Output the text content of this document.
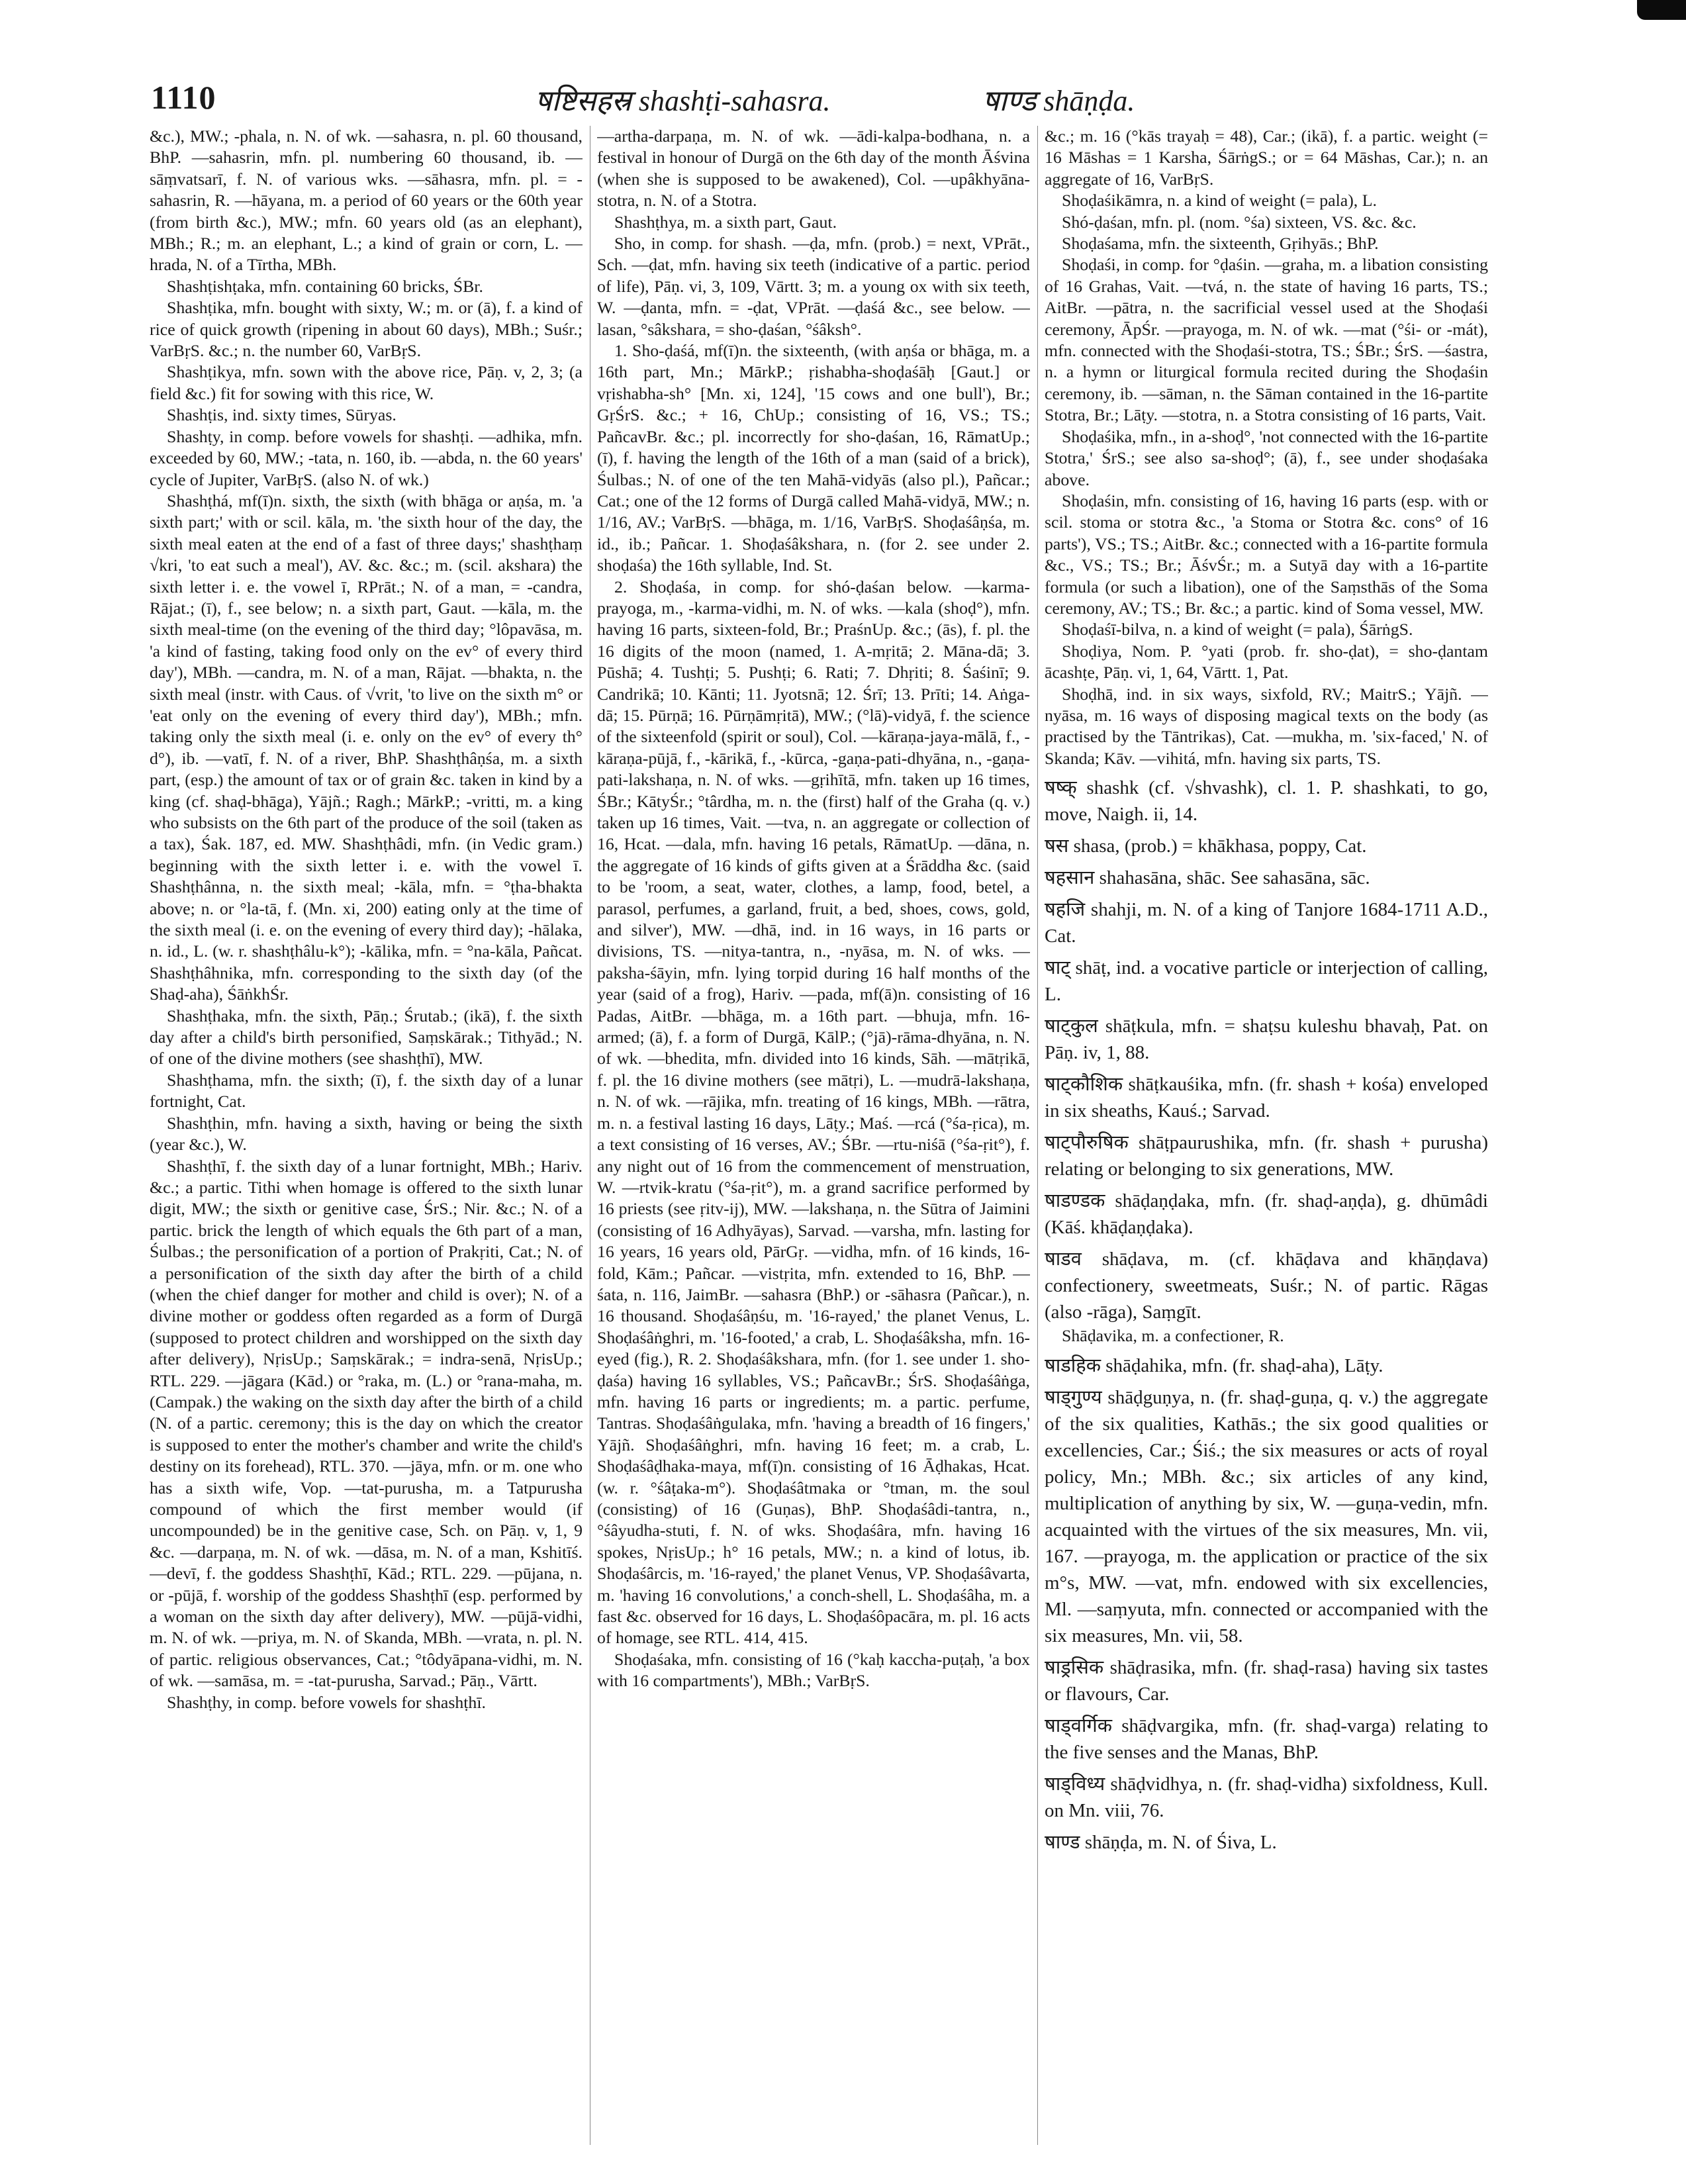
1110	षष्टिसहस्र shashṭi-sahasra.	षाण्ड shāṇḍa.

&c.), MW.; -phala, n. N. of wk. —sahasra, n. pl. 60 thousand, BhP. —sahasrin, mfn. pl. numbering 60 thousand, ib. —sāṃvatsarī, f. N. of various wks. —sāhasra, mfn. pl. = -sahasrin, R. —hāyana, m. a period of 60 years or the 60th year (from birth &c.), MW.; mfn. 60 years old (as an elephant), MBh.; R.; m. an elephant, L.; a kind of grain or corn, L. —hrada, N. of a Tīrtha, MBh.

Shashṭishṭaka, mfn. containing 60 bricks, ŚBr.

Shashṭika, mfn. bought with sixty, W.; m. or (ā), f. a kind of rice of quick growth (ripening in about 60 days), MBh.; Suśr.; VarBṛS. &c.; n. the number 60, VarBṛS.

Shashṭikya, mfn. sown with the above rice, Pāṇ. v, 2, 3; (a field &c.) fit for sowing with this rice, W.

Shashṭis, ind. sixty times, Sūryas.

Shashṭy, in comp. before vowels for shashṭi. —adhika, mfn. exceeded by 60, MW.; -tata, n. 160, ib. —abda, n. the 60 years' cycle of Jupiter, VarBṛS. (also N. of wk.)

Shashṭhá, mf(ī)n. sixth, the sixth (with bhāga or aṇśa, m. 'a sixth part;' with or scil. kāla, m. 'the sixth hour of the day, the sixth meal eaten at the end of a fast of three days;' shashṭhaṃ √kri, 'to eat such a meal'), AV. &c. &c.; m. (scil. akshara) the sixth letter i. e. the vowel ī, RPrāt.; N. of a man, = -candra, Rājat.; (ī), f., see below; n. a sixth part, Gaut. —kāla, m. the sixth meal-time (on the evening of the third day; °lôpavāsa, m. 'a kind of fasting, taking food only on the ev° of every third day'), MBh. —candra, m. N. of a man, Rājat. —bhakta, n. the sixth meal (instr. with Caus. of √vrit, 'to live on the sixth m° or 'eat only on the evening of every third day'), MBh.; mfn. taking only the sixth meal (i. e. only on the ev° of every th° d°), ib. —vatī, f. N. of a river, BhP. Shashṭhâṇśa, m. a sixth part, (esp.) the amount of tax or of grain &c. taken in kind by a king (cf. shaḍ-bhāga), Yājñ.; Ragh.; MārkP.; -vritti, m. a king who subsists on the 6th part of the produce of the soil (taken as a tax), Śak. 187, ed. MW. Shashṭhâdi, mfn. (in Vedic gram.) beginning with the sixth letter i. e. with the vowel ī. Shashṭhânna, n. the sixth meal; -kāla, mfn. = °ṭha-bhakta above; n. or °la-tā, f. (Mn. xi, 200) eating only at the time of the sixth meal (i. e. on the evening of every third day); -hālaka, n. id., L. (w. r. shashṭhâlu-k°); -kālika, mfn. = °na-kāla, Pañcat. Shashṭhâhnika, mfn. corresponding to the sixth day (of the Shaḍ-aha), ŚāṅkhŚr.

Shashṭhaka, mfn. the sixth, Pāṇ.; Śrutab.; (ikā), f. the sixth day after a child's birth personified, Saṃskārak.; Tithyād.; N. of one of the divine mothers (see shashṭhī), MW.

Shashṭhama, mfn. the sixth; (ī), f. the sixth day of a lunar fortnight, Cat.

Shashṭhin, mfn. having a sixth, having or being the sixth (year &c.), W.

Shashṭhī, f. the sixth day of a lunar fortnight, MBh.; Hariv. &c.; a partic. Tithi when homage is offered to the sixth lunar digit, MW.; the sixth or genitive case, ŚrS.; Nir. &c.; N. of a partic. brick the length of which equals the 6th part of a man, Śulbas.; the personification of a portion of Prakṛiti, Cat.; N. of a personification of the sixth day after the birth of a child (when the chief danger for mother and child is over); N. of a divine mother or goddess often regarded as a form of Durgā (supposed to protect children and worshipped on the sixth day after delivery), NṛisUp.; Saṃskārak.; = indra-senā, NṛisUp.; RTL. 229. —jāgara (Kād.) or °raka, m. (L.) or °rana-maha, m. (Campak.) the waking on the sixth day after the birth of a child (N. of a partic. ceremony; this is the day on which the creator is supposed to enter the mother's chamber and write the child's destiny on its forehead), RTL. 370. —jāya, mfn. or m. one who has a sixth wife, Vop. —tat-purusha, m. a Tatpurusha compound of which the first member would (if uncompounded) be in the genitive case, Sch. on Pāṇ. v, 1, 9 &c. —darpaṇa, m. N. of wk. —dāsa, m. N. of a man, Kshitīś. —devī, f. the goddess Shashṭhī, Kād.; RTL. 229. —pūjana, n. or -pūjā, f. worship of the goddess Shashṭhī (esp. performed by a woman on the sixth day after delivery), MW. —pūjā-vidhi, m. N. of wk. —priya, m. N. of Skanda, MBh. —vrata, n. pl. N. of partic. religious observances, Cat.; °tôdyāpana-vidhi, m. N. of wk. —samāsa, m. = -tat-purusha, Sarvad.; Pāṇ., Vārtt.

Shashṭhy, in comp. before vowels for shashṭhī.

—artha-darpaṇa, m. N. of wk. —ādi-kalpa-bodhana, n. a festival in honour of Durgā on the 6th day of the month Āśvina (when she is supposed to be awakened), Col. —upâkhyāna-stotra, n. N. of a Stotra.

Shashṭhya, m. a sixth part, Gaut.

Sho, in comp. for shash. —ḍa, mfn. (prob.) = next, VPrāt., Sch. —ḍat, mfn. having six teeth (indicative of a partic. period of life), Pāṇ. vi, 3, 109, Vārtt. 3; m. a young ox with six teeth, W. —ḍanta, mfn. = -ḍat, VPrāt. —ḍaśá &c., see below. —lasan, °sâkshara, = sho-ḍaśan, °śâksh°.

1. Sho-ḍaśá, mf(ī)n. the sixteenth, (with aṇśa or bhāga, m. a 16th part, Mn.; MārkP.; ṛishabha-shoḍaśāḥ [Gaut.] or vṛishabha-sh° [Mn. xi, 124], '15 cows and one bull'), Br.; GṛŚrS. &c.; + 16, ChUp.; consisting of 16, VS.; TS.; PañcavBr. &c.; pl. incorrectly for sho-ḍaśan, 16, RāmatUp.; (ī), f. having the length of the 16th of a man (said of a brick), Śulbas.; N. of one of the ten Mahā-vidyās (also pl.), Pañcar.; Cat.; one of the 12 forms of Durgā called Mahā-vidyā, MW.; n. 1/16, AV.; VarBṛS. —bhāga, m. 1/16, VarBṛS. Shoḍaśâṇśa, m. id., ib.; Pañcar. 1. Shoḍaśâkshara, n. (for 2. see under 2. shoḍaśa) the 16th syllable, Ind. St.

2. Shoḍaśa, in comp. for shó-ḍaśan below. —karma-prayoga, m., -karma-vidhi, m. N. of wks. —kala (shoḍ°), mfn. having 16 parts, sixteen-fold, Br.; PraśnUp. &c.; (ās), f. pl. the 16 digits of the moon (named, 1. A-mṛitā; 2. Māna-dā; 3. Pūshā; 4. Tushṭi; 5. Pushṭi; 6. Rati; 7. Dhṛiti; 8. Śaśinī; 9. Candrikā; 10. Kānti; 11. Jyotsnā; 12. Śrī; 13. Prīti; 14. Aṅga-dā; 15. Pūrṇā; 16. Pūrṇāmṛitā), MW.; (°lā)-vidyā, f. the science of the sixteenfold (spirit or soul), Col. —kāraṇa-jaya-mālā, f., -kāraṇa-pūjā, f., -kārikā, f., -kūrca, -gaṇa-pati-dhyāna, n., -gaṇa-pati-lakshaṇa, n. N. of wks. —gṛihītā, mfn. taken up 16 times, ŚBr.; KātyŚr.; °târdha, m. n. the (first) half of the Graha (q. v.) taken up 16 times, Vait. —tva, n. an aggregate or collection of 16, Hcat. —dala, mfn. having 16 petals, RāmatUp. —dāna, n. the aggregate of 16 kinds of gifts given at a Śrāddha &c. (said to be 'room, a seat, water, clothes, a lamp, food, betel, a parasol, perfumes, a garland, fruit, a bed, shoes, cows, gold, and silver'), MW. —dhā, ind. in 16 ways, in 16 parts or divisions, TS. —nitya-tantra, n., -nyāsa, m. N. of wks. —paksha-śāyin, mfn. lying torpid during 16 half months of the year (said of a frog), Hariv. —pada, mf(ā)n. consisting of 16 Padas, AitBr. —bhāga, m. a 16th part. —bhuja, mfn. 16-armed; (ā), f. a form of Durgā, KālP.; (°jā)-rāma-dhyāna, n. N. of wk. —bhedita, mfn. divided into 16 kinds, Sāh. —mātṛikā, f. pl. the 16 divine mothers (see mātṛi), L. —mudrā-lakshaṇa, n. N. of wk. —rājika, mfn. treating of 16 kings, MBh. —rātra, m. n. a festival lasting 16 days, Lāṭy.; Maś. —rcá (°śa-ṛica), m. a text consisting of 16 verses, AV.; ŚBr. —rtu-niśā (°śa-ṛit°), f. any night out of 16 from the commencement of menstruation, W. —rtvik-kratu (°śa-ṛit°), m. a grand sacrifice performed by 16 priests (see ṛitv-ij), MW. —lakshaṇa, n. the Sūtra of Jaimini (consisting of 16 Adhyāyas), Sarvad. —varsha, mfn. lasting for 16 years, 16 years old, PārGṛ. —vidha, mfn. of 16 kinds, 16-fold, Kām.; Pañcar. —vistṛita, mfn. extended to 16, BhP. —śata, n. 116, JaimBr. —sahasra (BhP.) or -sāhasra (Pañcar.), n. 16 thousand. Shoḍaśâṇśu, m. '16-rayed,' the planet Venus, L. Shoḍaśâṅghri, m. '16-footed,' a crab, L. Shoḍaśâksha, mfn. 16-eyed (fig.), R. 2. Shoḍaśâkshara, mfn. (for 1. see under 1. sho-ḍaśa) having 16 syllables, VS.; PañcavBr.; ŚrS. Shoḍaśâṅga, mfn. having 16 parts or ingredients; m. a partic. perfume, Tantras. Shoḍaśâṅgulaka, mfn. 'having a breadth of 16 fingers,' Yājñ. Shoḍaśâṅghri, mfn. having 16 feet; m. a crab, L. Shoḍaśâḍhaka-maya, mf(ī)n. consisting of 16 Āḍhakas, Hcat. (w. r. °śâṭaka-m°). Shoḍaśâtmaka or °tman, m. the soul (consisting) of 16 (Guṇas), BhP. Shoḍaśâdi-tantra, n., °śâyudha-stuti, f. N. of wks. Shoḍaśâra, mfn. having 16 spokes, NṛisUp.; h° 16 petals, MW.; n. a kind of lotus, ib. Shoḍaśârcis, m. '16-rayed,' the planet Venus, VP. Shoḍaśâvarta, m. 'having 16 convolutions,' a conch-shell, L. Shoḍaśâha, m. a fast &c. observed for 16 days, L. Shoḍaśôpacāra, m. pl. 16 acts of homage, see RTL. 414, 415.

Shoḍaśaka, mfn. consisting of 16 (°kaḥ kaccha-puṭaḥ, 'a box with 16 compartments'), MBh.; VarBṛS.

&c.; m. 16 (°kās trayaḥ = 48), Car.; (ikā), f. a partic. weight (= 16 Māshas = 1 Karsha, ŚārṅgS.; or = 64 Māshas, Car.); n. an aggregate of 16, VarBṛS.

Shoḍaśikāmra, n. a kind of weight (= pala), L.

Shó-ḍaśan, mfn. pl. (nom. °śa) sixteen, VS. &c. &c.

Shoḍaśama, mfn. the sixteenth, Gṛihyās.; BhP.

Shoḍaśi, in comp. for °ḍaśin. —graha, m. a libation consisting of 16 Grahas, Vait. —tvá, n. the state of having 16 parts, TS.; AitBr. —pātra, n. the sacrificial vessel used at the Shoḍaśi ceremony, ĀpŚr. —prayoga, m. N. of wk. —mat (°śi- or -mát), mfn. connected with the Shoḍaśi-stotra, TS.; ŚBr.; ŚrS. —śastra, n. a hymn or liturgical formula recited during the Shoḍaśin ceremony, ib. —sāman, n. the Sāman contained in the 16-partite Stotra, Br.; Lāṭy. —stotra, n. a Stotra consisting of 16 parts, Vait.

Shoḍaśika, mfn., in a-shoḍ°, 'not connected with the 16-partite Stotra,' ŚrS.; see also sa-shoḍ°; (ā), f., see under shoḍaśaka above.

Shoḍaśin, mfn. consisting of 16, having 16 parts (esp. with or scil. stoma or stotra &c., 'a Stoma or Stotra &c. cons° of 16 parts'), VS.; TS.; AitBr. &c.; connected with a 16-partite formula &c., VS.; TS.; Br.; ĀśvŚr.; m. a Sutyā day with a 16-partite formula (or such a libation), one of the Saṃsthās of the Soma ceremony, AV.; TS.; Br. &c.; a partic. kind of Soma vessel, MW.

Shoḍaśī-bilva, n. a kind of weight (= pala), ŚārṅgS.

Shoḍiya, Nom. P. °yati (prob. fr. sho-ḍat), = sho-ḍantam ācashṭe, Pāṇ. vi, 1, 64, Vārtt. 1, Pat.

Shoḍhā, ind. in six ways, sixfold, RV.; MaitrS.; Yājñ. —nyāsa, m. 16 ways of disposing magical texts on the body (as practised by the Tāntrikas), Cat. —mukha, m. 'six-faced,' N. of Skanda; Kāv. —vihitá, mfn. having six parts, TS.

षष्क् shashk (cf. √shvashk), cl. 1. P. shashkati, to go, move, Naigh. ii, 14.

षस shasa, (prob.) = khākhasa, poppy, Cat.

षहसान shahasāna, shāc. See sahasāna, sāc.

षहजि shahji, m. N. of a king of Tanjore 1684-1711 A.D., Cat.

षाट् shāṭ, ind. a vocative particle or interjection of calling, L.

षाट्कुल shāṭkula, mfn. = shaṭsu kuleshu bhavaḥ, Pat. on Pāṇ. iv, 1, 88.

षाट्कौशिक shāṭkauśika, mfn. (fr. shash + kośa) enveloped in six sheaths, Kauś.; Sarvad.

षाट्पौरुषिक shāṭpaurushika, mfn. (fr. shash + purusha) relating or belonging to six generations, MW.

षाडण्डक shāḍaṇḍaka, mfn. (fr. shaḍ-aṇḍa), g. dhūmâdi (Kāś. khāḍaṇḍaka).

षाडव shāḍava, m. (cf. khāḍava and khāṇḍava) confectionery, sweetmeats, Suśr.; N. of partic. Rāgas (also -rāga), Saṃgīt.

Shāḍavika, m. a confectioner, R.

षाडहिक shāḍahika, mfn. (fr. shaḍ-aha), Lāṭy.

षाड्गुण्य shāḍguṇya, n. (fr. shaḍ-guṇa, q. v.) the aggregate of the six qualities, Kathās.; the six good qualities or excellencies, Car.; Śiś.; the six measures or acts of royal policy, Mn.; MBh. &c.; six articles of any kind, multiplication of anything by six, W. —guṇa-vedin, mfn. acquainted with the virtues of the six measures, Mn. vii, 167. —prayoga, m. the application or practice of the six m°s, MW. —vat, mfn. endowed with six excellencies, Ml. —saṃyuta, mfn. connected or accompanied with the six measures, Mn. vii, 58.

षाड्रसिक shāḍrasika, mfn. (fr. shaḍ-rasa) having six tastes or flavours, Car.

षाड्वर्गिक shāḍvargika, mfn. (fr. shaḍ-varga) relating to the five senses and the Manas, BhP.

षाड्विध्य shāḍvidhya, n. (fr. shaḍ-vidha) sixfoldness, Kull. on Mn. viii, 76.

षाण्ड shāṇḍa, m. N. of Śiva, L.
